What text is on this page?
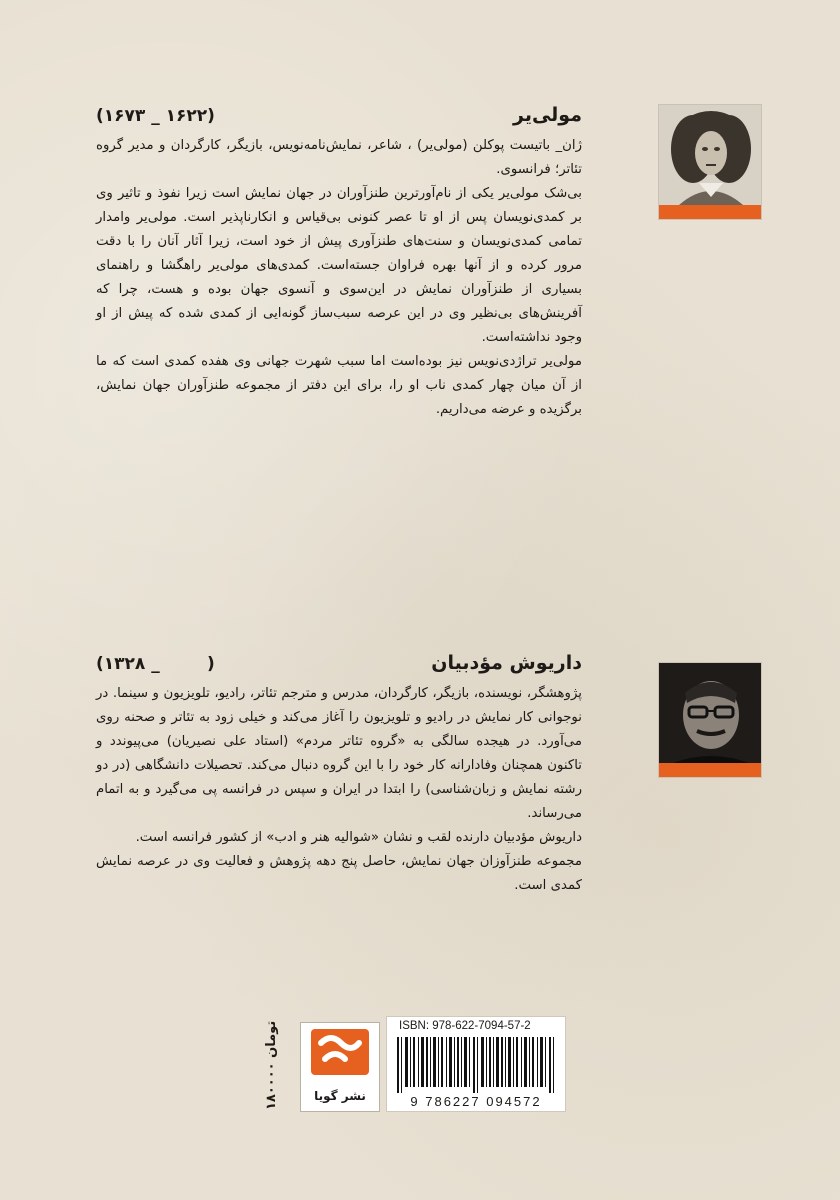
مولی‌یر
(۱۶۷۳ _ ۱۶۲۲)

ژان_ باتیست پوکلن (مولی‌یر) ، شاعر، نمایش‌نامه‌نویس، بازیگر، کارگردان و مدیر گروه تئاتر؛ فرانسوی.

بی‌شک مولی‌یر یکی از نام‌آورترین طنزآوران در جهان نمایش است زیرا نفوذ و تاثیر وی بر کمدی‌نویسان پس از او تا عصر کنونی بی‌قیاس و انکارناپذیر است. مولی‌یر وامدار تمامی کمدی‌نویسان و سنت‌های طنزآوری پیش از خود است، زیرا آثار آنان را با دقت مرور کرده و از آنها بهره فراوان جسته‌است. کمدی‌های مولی‌یر راهگشا و راهنمای بسیاری از طنزآوران نمایش در این‌سوی و آنسوی جهان بوده و هست، چرا که آفرینش‌های بی‌نظیر وی در این عرصه سبب‌ساز گونه‌ایی از کمدی شده که پیش از او وجود نداشته‌است.

مولی‌یر تراژدی‌نویس نیز بوده‌است اما سبب شهرت جهانی وی هفده کمدی است که ما از آن میان چهار کمدی ناب او را، برای این دفتر از مجموعه طنزآوران جهان نمایش، برگزیده و عرضه می‌داریم.

داریوش مؤدبیان
(۱۳۲۸ _        )

پژوهشگر، نویسنده، بازیگر، کارگردان، مدرس و مترجم تئاتر، رادیو، تلویزیون و سینما. در نوجوانی کار نمایش در رادیو و تلویزیون را آغاز می‌کند و خیلی زود به تئاتر و صحنه روی می‌آورد. در هیجده سالگی به «گروه تئاتر مردم» (استاد علی نصیریان) می‌پیوندد و تاکنون همچنان وفادارانه کار خود را با این گروه دنبال می‌کند. تحصیلات دانشگاهی (در دو رشته نمایش و زبان‌شناسی) را ابتدا در ایران و سپس در فرانسه پی می‌گیرد و به اتمام می‌رساند.

داریوش مؤدبیان دارنده لقب و نشان «شوالیه هنر و ادب» از کشور فرانسه است.

مجموعه طنزآوزان جهان نمایش، حاصل پنج دهه پژوهش و فعالیت وی در عرصه نمایش کمدی است.

۱۸۰۰۰۰ تومان
نشر گویا
ISBN: 978-622-7094-57-2
9 786227 094572
